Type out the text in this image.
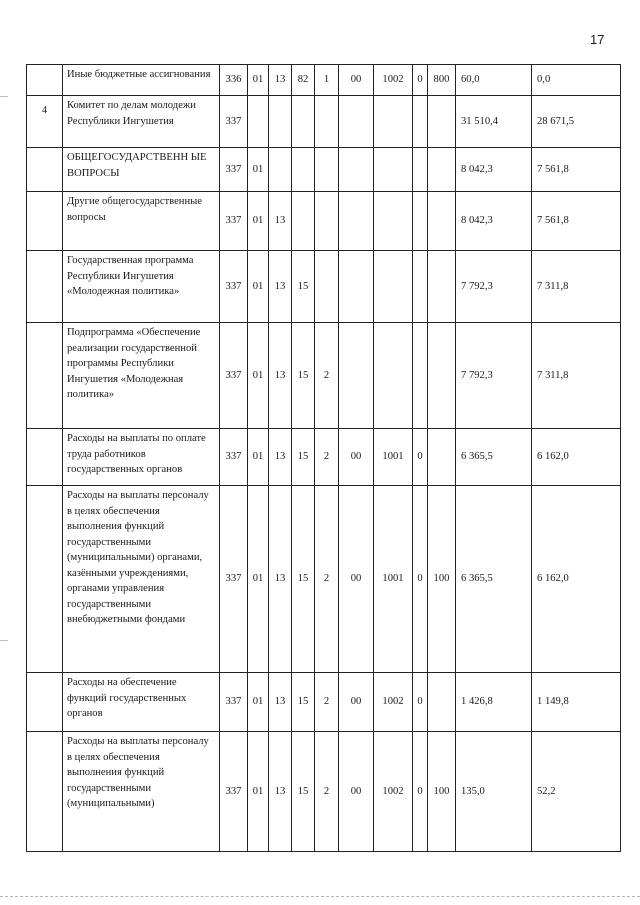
17
	Иные бюджетные ассигнования	336	01	13	82	1	00	1002	0	800	60,0	0,0
4	Комитет по делам молодежи Республики Ингушетия	337									31 510,4	28 671,5
	ОБЩЕГОСУДАРСТВЕНН ЫЕ ВОПРОСЫ	337	01								8 042,3	7 561,8
	Другие общегосударственные вопросы	337	01	13							8 042,3	7 561,8
	Государственная программа Республики Ингушетия «Молодежная политика»	337	01	13	15						7 792,3	7 311,8
	Подпрограмма «Обеспечение реализации государственной программы Республики Ингушетия «Молодежная политика»	337	01	13	15	2					7 792,3	7 311,8
	Расходы на выплаты по оплате труда работников государственных органов	337	01	13	15	2	00	1001	0		6 365,5	6 162,0
	Расходы на выплаты персоналу в целях обеспечения выполнения функций государственными (муниципальными) органами, казёнными учреждениями, органами управления государственными внебюджетными фондами	337	01	13	15	2	00	1001	0	100	6 365,5	6 162,0
	Расходы на обеспечение функций государственных органов	337	01	13	15	2	00	1002	0		1 426,8	1 149,8
	Расходы на выплаты персоналу в целях обеспечения выполнения функций государственными (муниципальными)	337	01	13	15	2	00	1002	0	100	135,0	52,2
